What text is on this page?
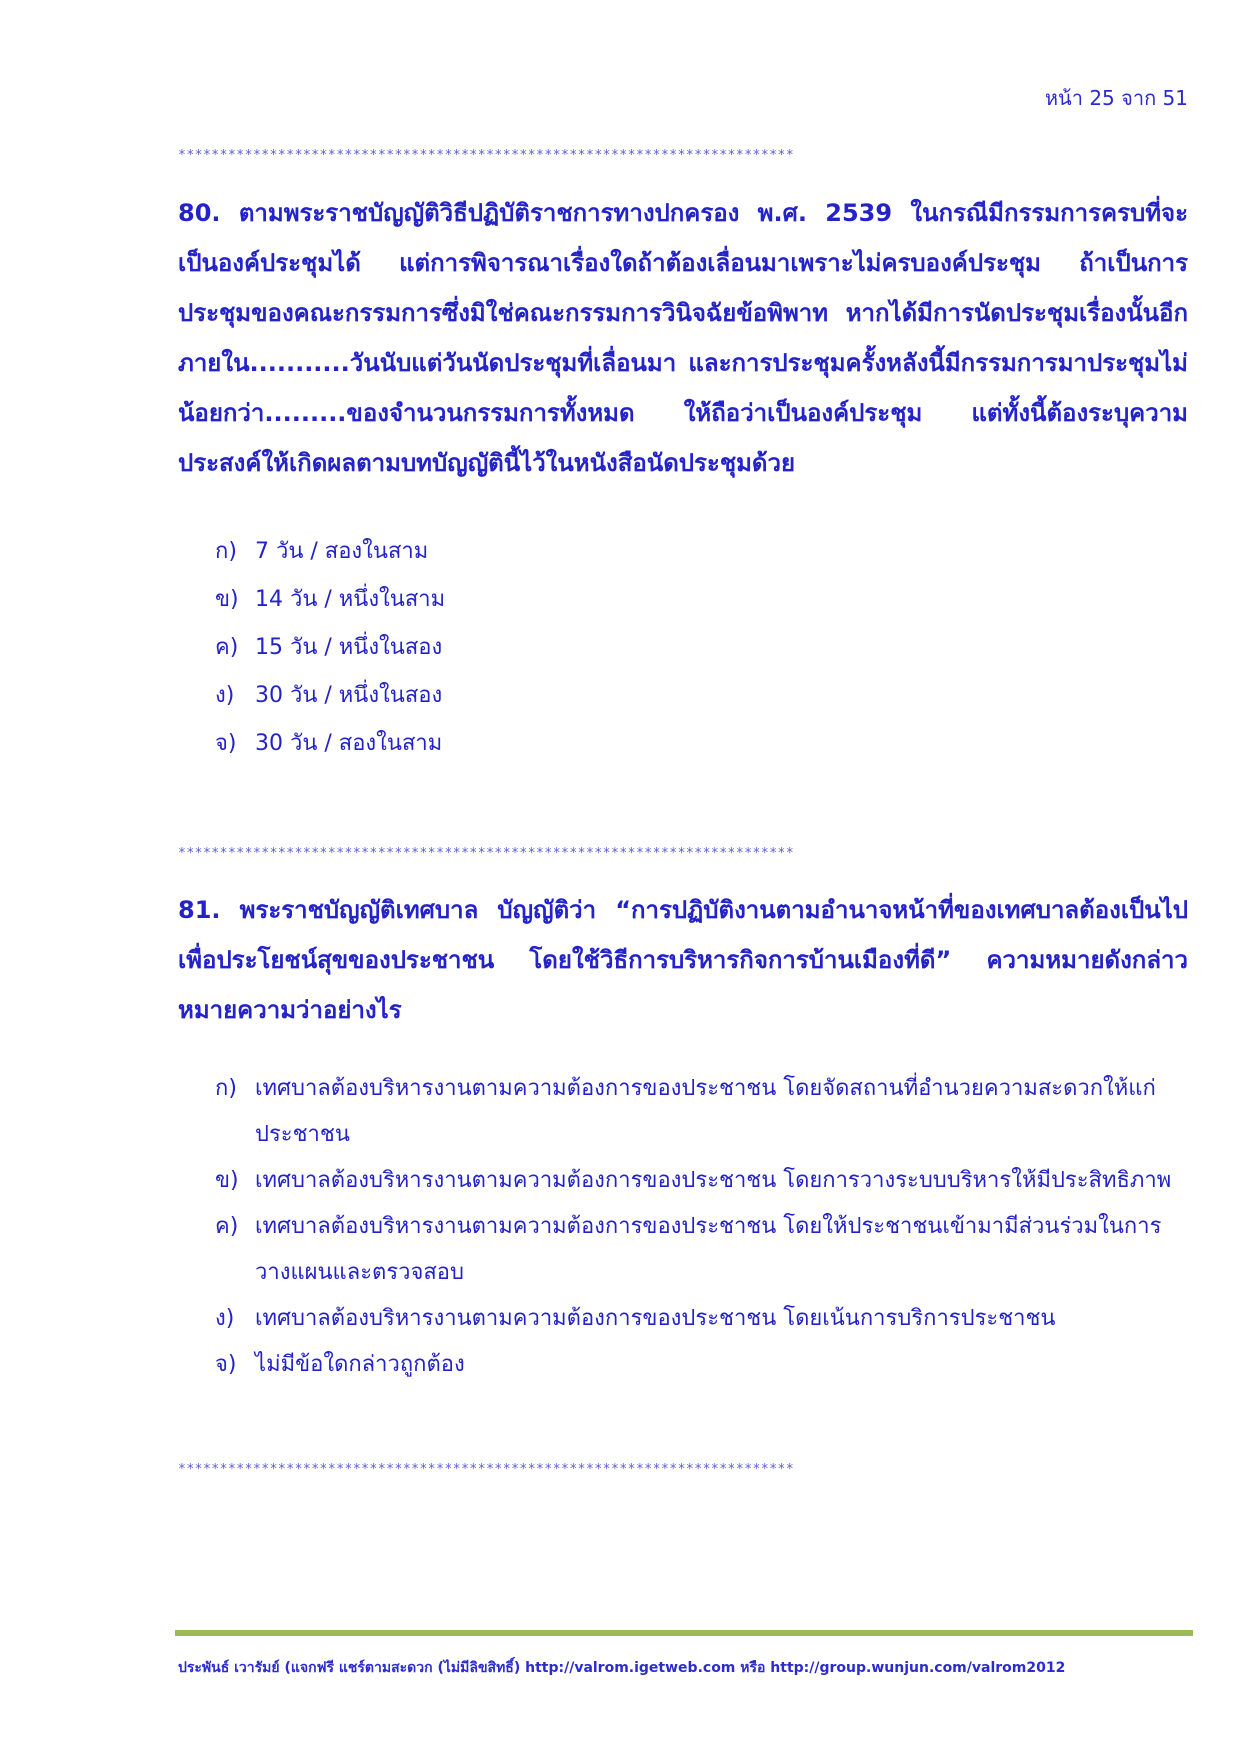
หน้า 25 จาก 51
**************************************************************************

80. ตามพระราชบัญญัติวิธีปฏิบัติราชการทางปกครอง พ.ศ. 2539 ในกรณีมีกรรมการครบที่จะเป็นองค์ประชุมได้ แต่การพิจารณาเรื่องใดถ้าต้องเลื่อนมาเพราะไม่ครบองค์ประชุม ถ้าเป็นการประชุมของคณะกรรมการซึ่งมิใช่คณะกรรมการวินิจฉัยข้อพิพาท หากได้มีการนัดประชุมเรื่องนั้นอีกภายใน...........วันนับแต่วันนัดประชุมที่เลื่อนมา และการประชุมครั้งหลังนี้มีกรรมการมาประชุมไม่น้อยกว่า.........ของจำนวนกรรมการทั้งหมด ให้ถือว่าเป็นองค์ประชุม แต่ทั้งนี้ต้องระบุความประสงค์ให้เกิดผลตามบทบัญญัตินี้ไว้ในหนังสือนัดประชุมด้วย

ก) 7 วัน / สองในสาม
ข) 14 วัน / หนึ่งในสาม
ค) 15 วัน / หนึ่งในสอง
ง) 30 วัน / หนึ่งในสอง
จ) 30 วัน / สองในสาม
**************************************************************************

81. พระราชบัญญัติเทศบาล บัญญัติว่า “การปฏิบัติงานตามอำนาจหน้าที่ของเทศบาลต้องเป็นไปเพื่อประโยชน์สุขของประชาชน โดยใช้วิธีการบริหารกิจการบ้านเมืองที่ดี” ความหมายดังกล่าวหมายความว่าอย่างไร

ก) เทศบาลต้องบริหารงานตามความต้องการของประชาชน โดยจัดสถานที่อำนวยความสะดวกให้แก่ประชาชน
ข) เทศบาลต้องบริหารงานตามความต้องการของประชาชน โดยการวางระบบบริหารให้มีประสิทธิภาพ
ค) เทศบาลต้องบริหารงานตามความต้องการของประชาชน โดยให้ประชาชนเข้ามามีส่วนร่วมในการวางแผนและตรวจสอบ
ง) เทศบาลต้องบริหารงานตามความต้องการของประชาชน โดยเน้นการบริการประชาชน
จ) ไม่มีข้อใดกล่าวถูกต้อง
**************************************************************************
ประพันธ์ เวารัมย์ (แจกฟรี แชร์ตามสะดวก (ไม่มีลิขสิทธิ์) http://valrom.igetweb.com หรือ http://group.wunjun.com/valrom2012
